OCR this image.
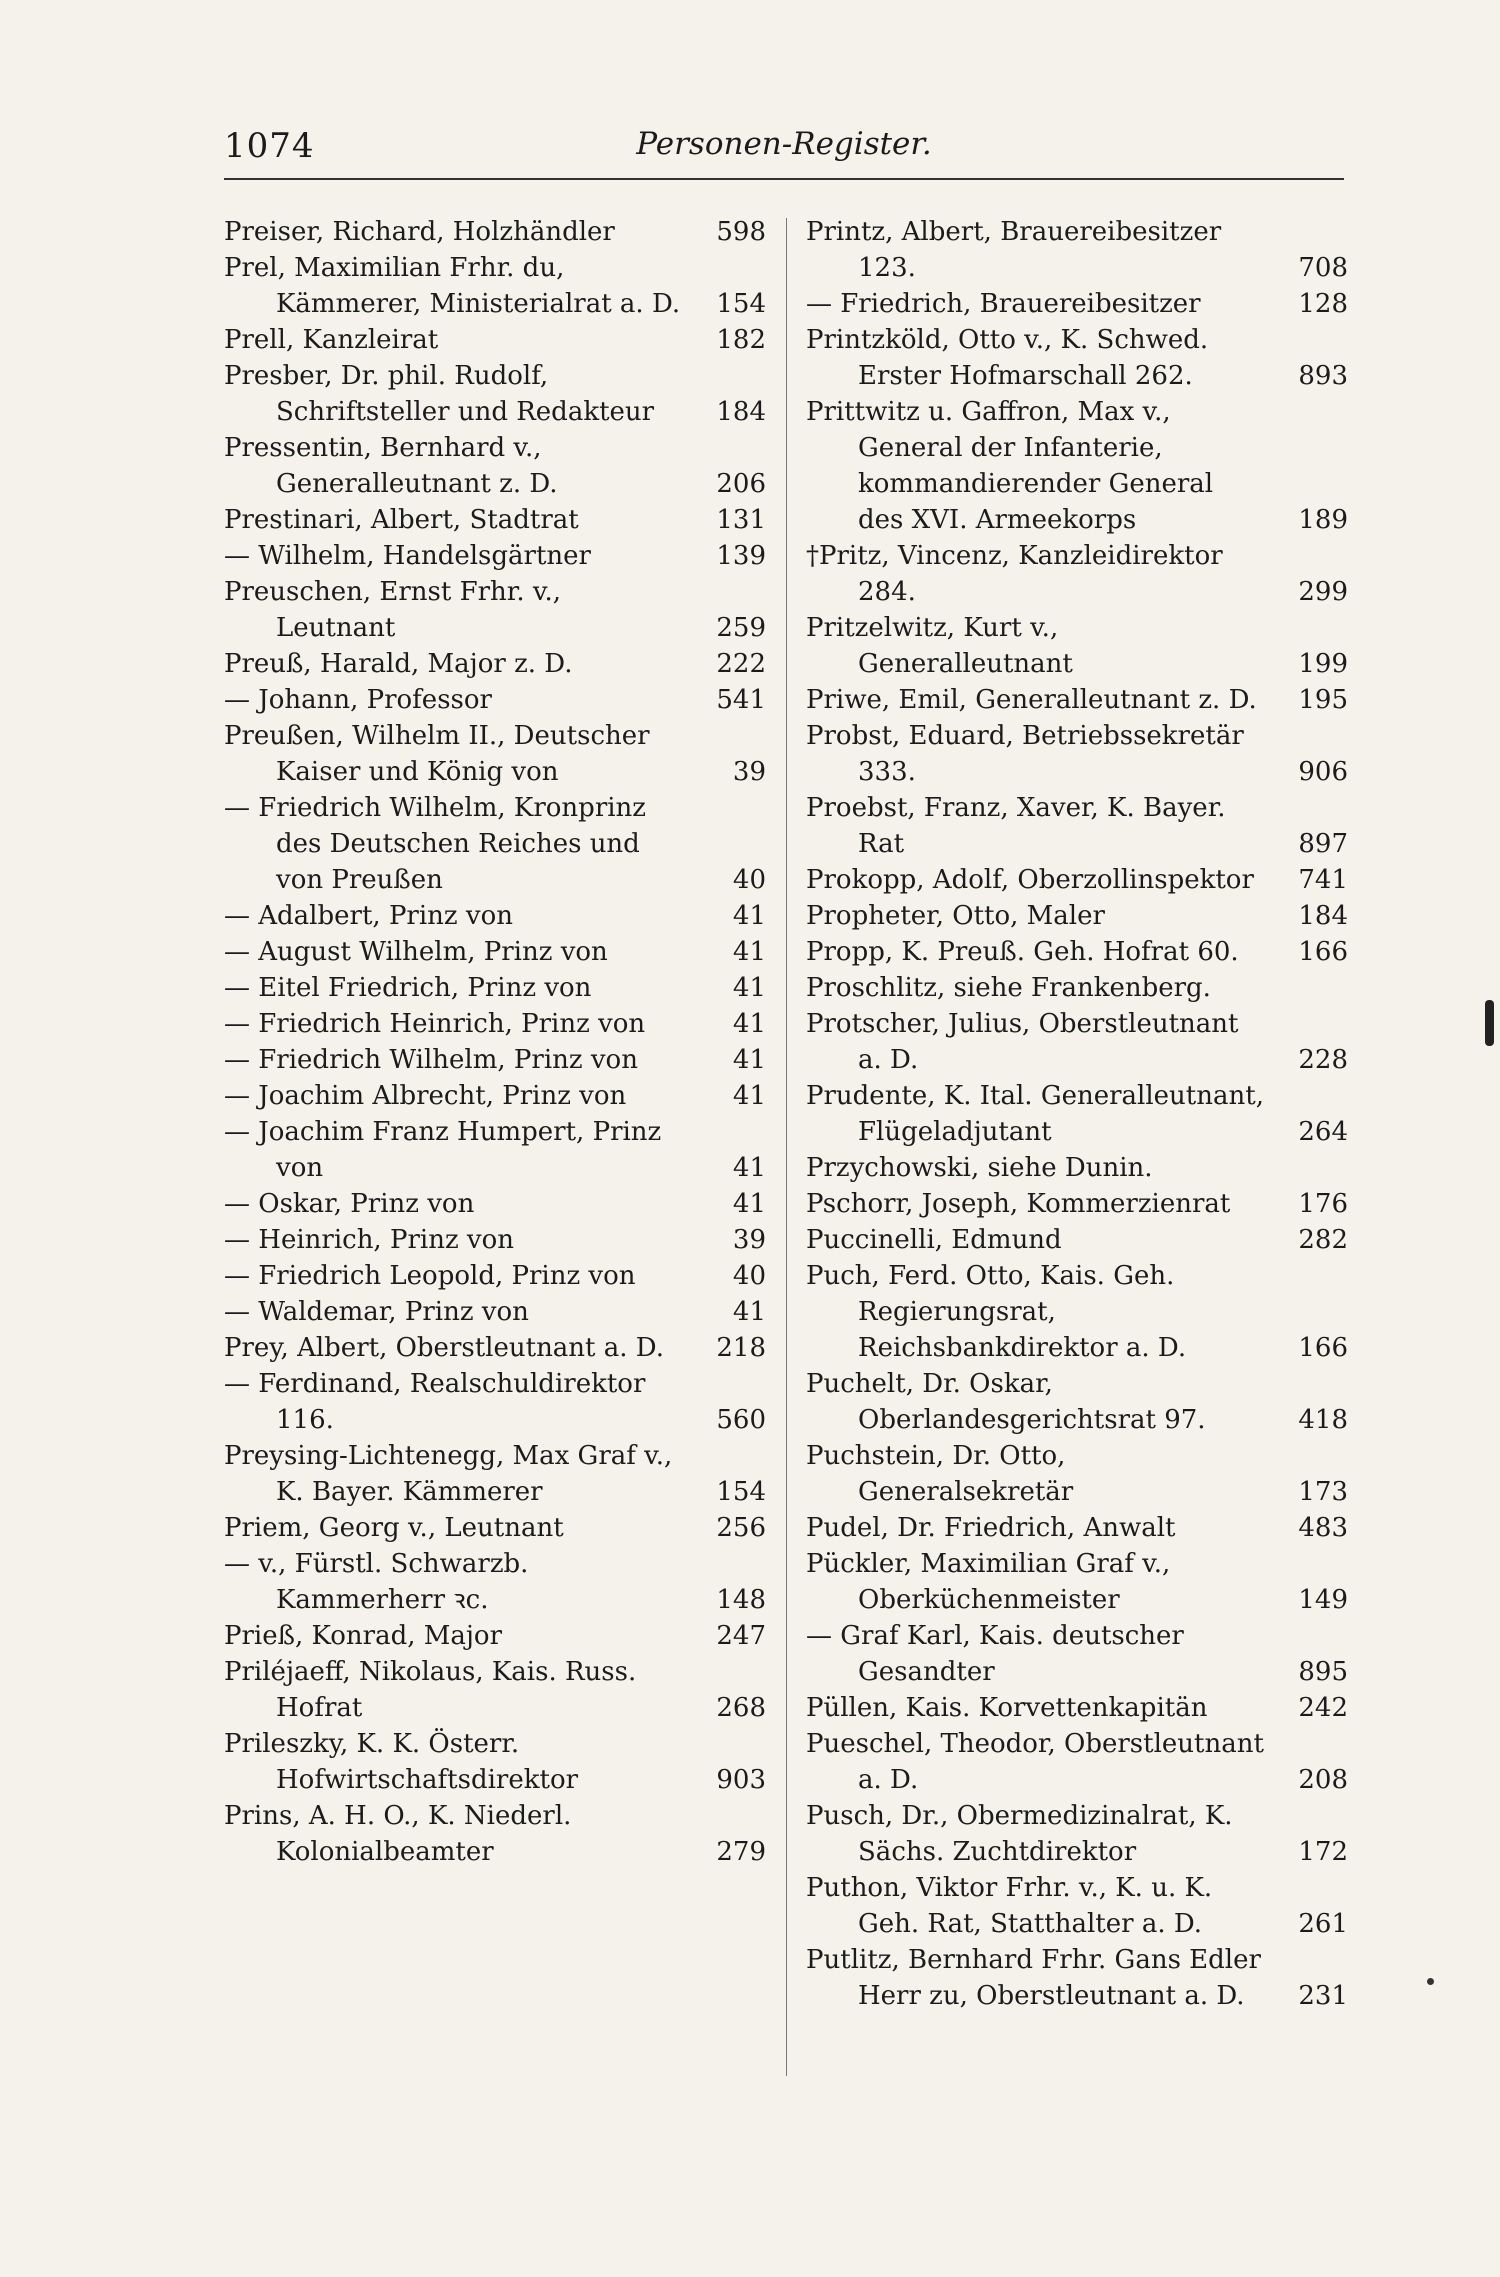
1074	Personen-Register.
Preiser, Richard, Holzhändler	598
Prel, Maximilian Frhr. du, Kämmerer, Ministerialrat a. D.	154
Prell, Kanzleirat	182
Presber, Dr. phil. Rudolf, Schriftsteller und Redakteur	184
Pressentin, Bernhard v., Generalleutnant z. D.	206
Prestinari, Albert, Stadtrat	131
— Wilhelm, Handelsgärtner	139
Preuschen, Ernst Frhr. v., Leutnant	259
Preuß, Harald, Major z. D.	222
— Johann, Professor	541
Preußen, Wilhelm II., Deutscher Kaiser und König von	39
— Friedrich Wilhelm, Kronprinz des Deutschen Reiches und von Preußen	40
— Adalbert, Prinz von	41
— August Wilhelm, Prinz von	41
— Eitel Friedrich, Prinz von	41
— Friedrich Heinrich, Prinz von	41
— Friedrich Wilhelm, Prinz von	41
— Joachim Albrecht, Prinz von	41
— Joachim Franz Humpert, Prinz von	41
— Oskar, Prinz von	41
— Heinrich, Prinz von	39
— Friedrich Leopold, Prinz von	40
— Waldemar, Prinz von	41
Prey, Albert, Oberstleutnant a. D.	218
— Ferdinand, Realschuldirektor 116.	560
Preysing-Lichtenegg, Max Graf v., K. Bayer. Kämmerer	154
Priem, Georg v., Leutnant	256
— v., Fürstl. Schwarzb. Kammerherr ꝛc.	148
Prieß, Konrad, Major	247
Priléjaeff, Nikolaus, Kais. Russ. Hofrat	268
Prileszky, K. K. Österr. Hofwirtschaftsdirektor	903
Prins, A. H. O., K. Niederl. Kolonialbeamter	279
Printz, Albert, Brauereibesitzer 123.	708
— Friedrich, Brauereibesitzer	128
Printzköld, Otto v., K. Schwed. Erster Hofmarschall 262.	893
Prittwitz u. Gaffron, Max v., General der Infanterie, kommandierender General des XVI. Armeekorps	189
†Pritz, Vincenz, Kanzleidirektor 284.	299
Pritzelwitz, Kurt v., Generalleutnant	199
Priwe, Emil, Generalleutnant z. D.	195
Probst, Eduard, Betriebssekretär 333.	906
Proebst, Franz, Xaver, K. Bayer. Rat	897
Prokopp, Adolf, Oberzollinspektor	741
Propheter, Otto, Maler	184
Propp, K. Preuß. Geh. Hofrat 60.	166
Proschlitz, siehe Frankenberg.
Protscher, Julius, Oberstleutnant a. D.	228
Prudente, K. Ital. Generalleutnant, Flügeladjutant	264
Przychowski, siehe Dunin.
Pschorr, Joseph, Kommerzienrat	176
Puccinelli, Edmund	282
Puch, Ferd. Otto, Kais. Geh. Regierungsrat, Reichsbankdirektor a. D.	166
Puchelt, Dr. Oskar, Oberlandesgerichtsrat 97.	418
Puchstein, Dr. Otto, Generalsekretär	173
Pudel, Dr. Friedrich, Anwalt	483
Pückler, Maximilian Graf v., Oberküchenmeister	149
— Graf Karl, Kais. deutscher Gesandter	895
Püllen, Kais. Korvettenkapitän	242
Pueschel, Theodor, Oberstleutnant a. D.	208
Pusch, Dr., Obermedizinalrat, K. Sächs. Zuchtdirektor	172
Puthon, Viktor Frhr. v., K. u. K. Geh. Rat, Statthalter a. D.	261
Putlitz, Bernhard Frhr. Gans Edler Herr zu, Oberstleutnant a. D.	231
